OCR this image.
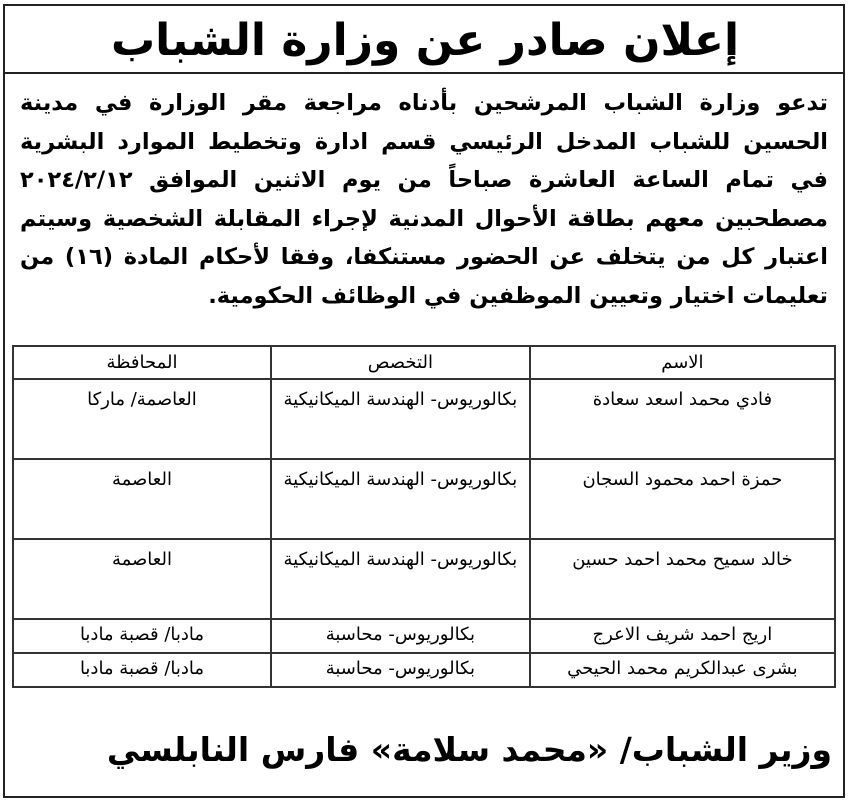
إعلان صادر عن وزارة الشباب
تدعو وزارة الشباب المرشحين بأدناه مراجعة مقر الوزارة في مدينة الحسين للشباب المدخل الرئيسي قسم ادارة وتخطيط الموارد البشرية في تمام الساعة العاشرة صباحاً من يوم الاثنين الموافق ٢٠٢٤/٢/١٢ مصطحبين معهم بطاقة الأحوال المدنية لإجراء المقابلة الشخصية وسيتم اعتبار كل من يتخلف عن الحضور مستنكفا، وفقا لأحكام المادة (١٦) من تعليمات اختيار وتعيين الموظفين في الوظائف الحكومية.
الاسم	التخصص	المحافظة
فادي محمد اسعد سعادة	بكالوريوس- الهندسة الميكانيكية	العاصمة/ ماركا
حمزة احمد محمود السجان	بكالوريوس- الهندسة الميكانيكية	العاصمة
خالد سميح محمد احمد حسين	بكالوريوس- الهندسة الميكانيكية	العاصمة
اريج احمد شريف الاعرج	بكالوريوس- محاسبة	مادبا/ قصبة مادبا
بشرى عبدالكريم محمد الحيحي	بكالوريوس- محاسبة	مادبا/ قصبة مادبا
وزير الشباب/ «محمد سلامة» فارس النابلسي
